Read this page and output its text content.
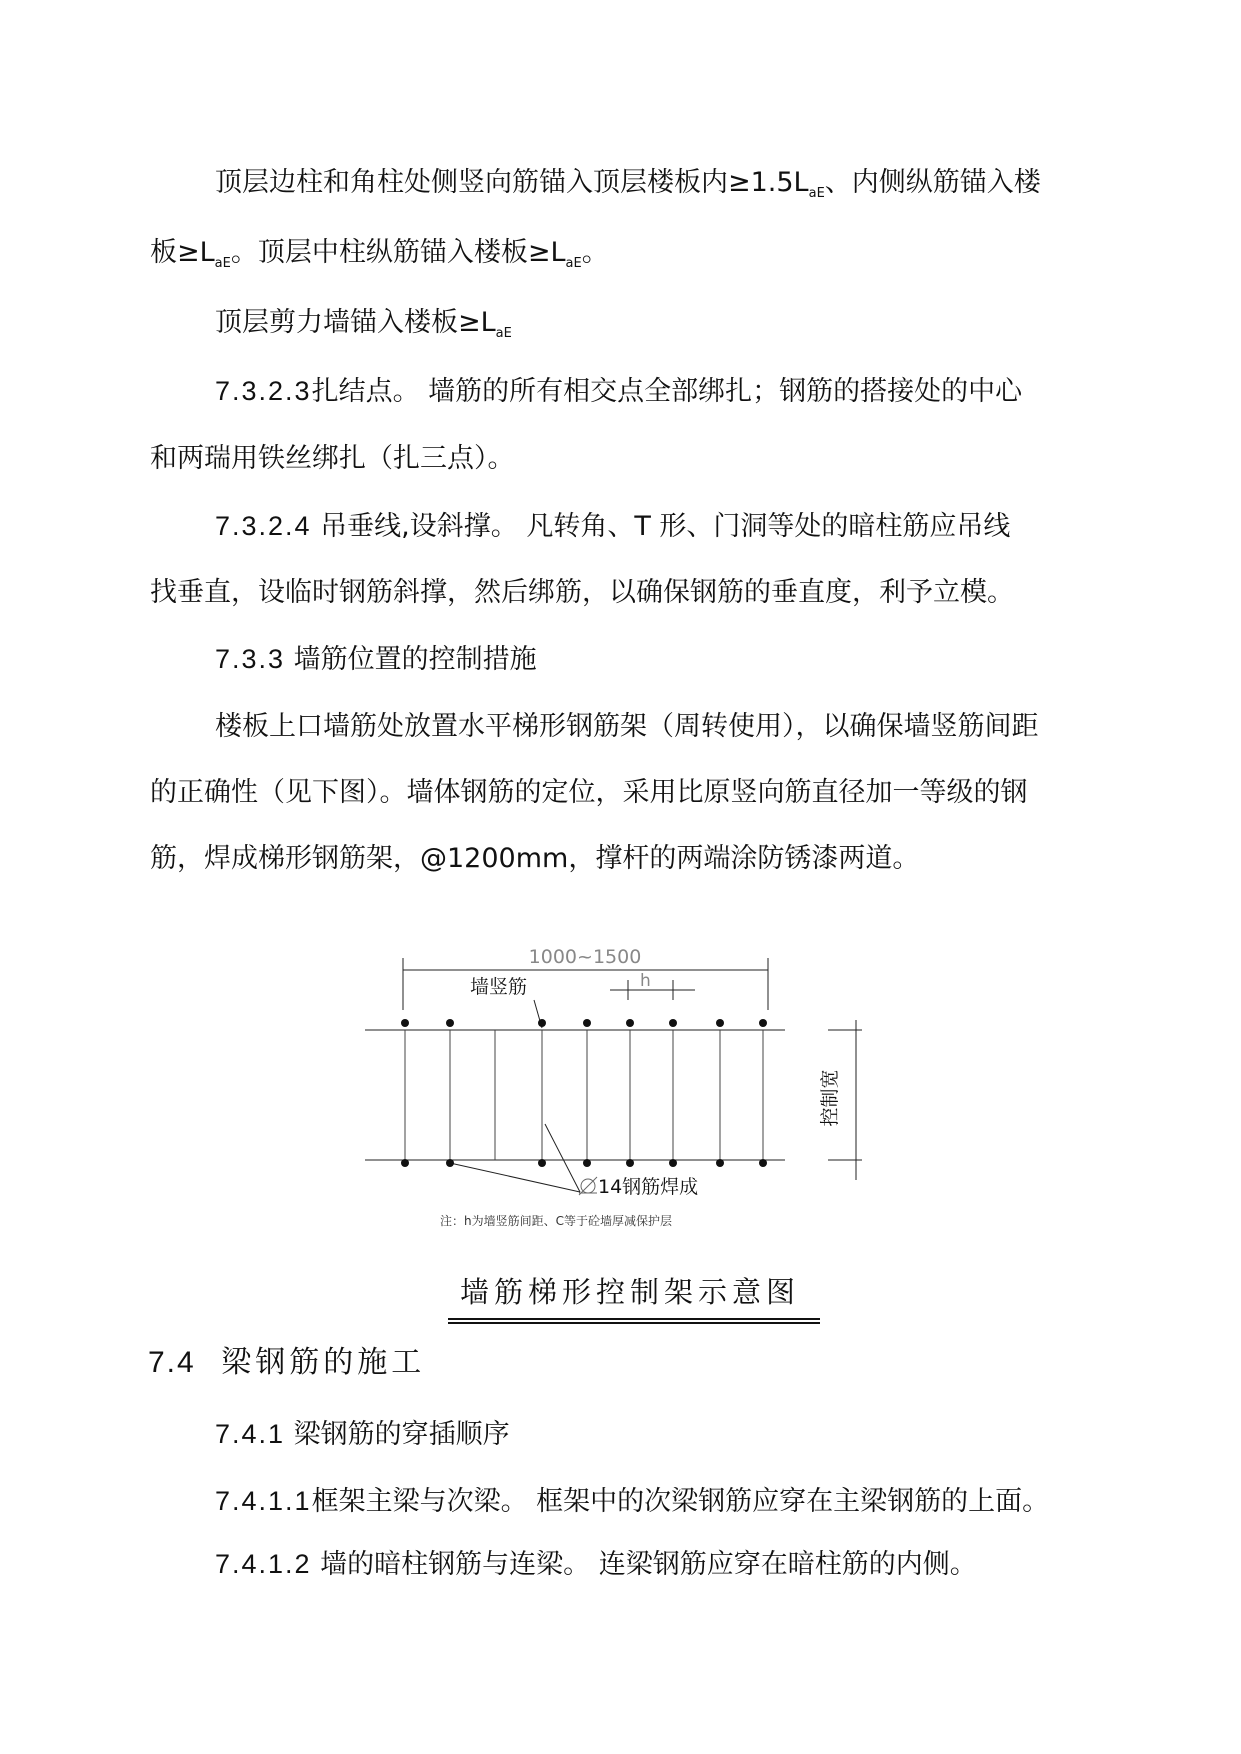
顶层边柱和角柱处侧竖向筋锚入顶层楼板内$\ge 1.5L_{aE}$、内侧纵筋锚入楼
板$\ge L_{aE}$。顶层中柱纵筋锚入楼板$\ge L_{aE}$。
顶层剪力墙锚入楼板$\ge L_{aE}$
7.3.2.3扎结点。 墙筋的所有相交点全部绑扎；钢筋的搭接处的中心
和两瑞用铁丝绑扎（扎三点）。
7.3.2.4 吊垂线,设斜撑。 凡转角、T 形、门洞等处的暗柱筋应吊线
找垂直，设临时钢筋斜撑，然后绑筋，以确保钢筋的垂直度，利予立模。
7.3.3 墙筋位置的控制措施
楼板上口墙筋处放置水平梯形钢筋架（周转使用），以确保墙竖筋间距
的正确性（见下图）。墙体钢筋的定位，采用比原竖向筋直径加一等级的钢
筋，焊成梯形钢筋架，@1200mm，撑杆的两端涂防锈漆两道。
1000~1500
墙竖筋	h
控制宽
14钢筋焊成
注：h为墙竖筋间距、C等于砼墙厚减保护层
墙筋梯形控制架示意图
7.4 梁钢筋的施工
7.4.1 梁钢筋的穿插顺序
7.4.1.1框架主梁与次梁。 框架中的次梁钢筋应穿在主梁钢筋的上面。
7.4.1.2 墙的暗柱钢筋与连梁。 连梁钢筋应穿在暗柱筋的内侧。
